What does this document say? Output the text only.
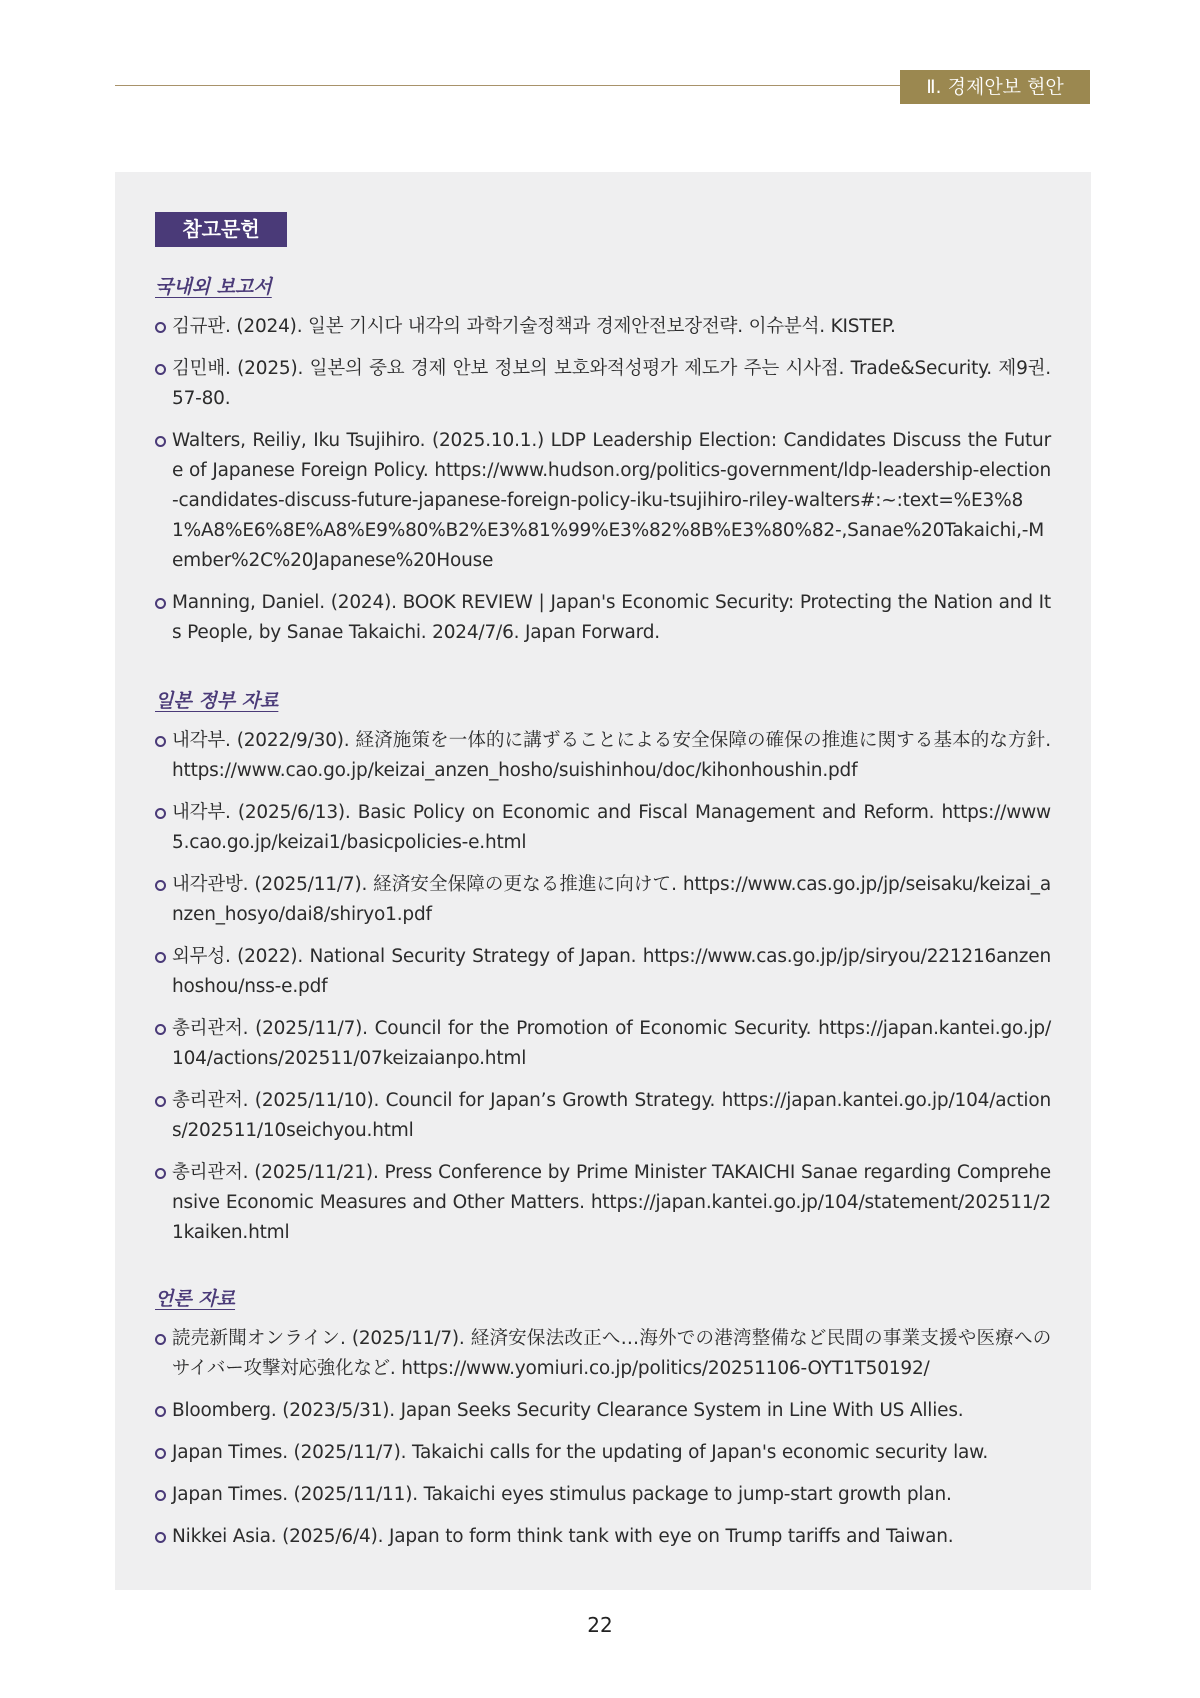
Ⅱ. 경제안보 현안
참고문헌
국내외 보고서
김규판. (2024). 일본 기시다 내각의 과학기술정책과 경제안전보장전략. 이슈분석. KISTEP.
김민배. (2025). 일본의 중요 경제 안보 정보의 보호와적성평가 제도가 주는 시사점. Trade&Security. 제9권. 57-80.
Walters, Reiliy, Iku Tsujihiro. (2025.10.1.) LDP Leadership Election: Candidates Discuss the Future of Japanese Foreign Policy. https://www.hudson.org/politics-government/ldp-leadership-election-candidates-discuss-future-japanese-foreign-policy-iku-tsujihiro-riley-walters#:~:text=%E3%81%A8%E6%8E%A8%E9%80%B2%E3%81%99%E3%82%8B%E3%80%82-,Sanae%20Takaichi,-Member%2C%20Japanese%20House
Manning, Daniel. (2024). BOOK REVIEW | Japan's Economic Security: Protecting the Nation and Its People, by Sanae Takaichi. 2024/7/6. Japan Forward.
일본 정부 자료
내각부. (2022/9/30). 経済施策を一体的に講ずることによる安全保障の確保の推進に関する基本的な方針. https://www.cao.go.jp/keizai_anzen_hosho/suishinhou/doc/kihonhoushin.pdf
내각부. (2025/6/13). Basic Policy on Economic and Fiscal Management and Reform. https://www5.cao.go.jp/keizai1/basicpolicies-e.html
내각관방. (2025/11/7). 経済安全保障の更なる推進に向けて. https://www.cas.go.jp/jp/seisaku/keizai_anzen_hosyo/dai8/shiryo1.pdf
외무성. (2022). National Security Strategy of Japan. https://www.cas.go.jp/jp/siryou/221216anzenhoshou/nss-e.pdf
총리관저. (2025/11/7). Council for the Promotion of Economic Security. https://japan.kantei.go.jp/104/actions/202511/07keizaianpo.html
총리관저. (2025/11/10). Council for Japan’s Growth Strategy. https://japan.kantei.go.jp/104/actions/202511/10seichyou.html
총리관저. (2025/11/21). Press Conference by Prime Minister TAKAICHI Sanae regarding Comprehensive Economic Measures and Other Matters. https://japan.kantei.go.jp/104/statement/202511/21kaiken.html
언론 자료
読売新聞オンライン. (2025/11/7). 経済安保法改正へ…海外での港湾整備など民間の事業支援や医療へのサイバー攻撃対応強化など. https://www.yomiuri.co.jp/politics/20251106-OYT1T50192/
Bloomberg. (2023/5/31). Japan Seeks Security Clearance System in Line With US Allies.
Japan Times. (2025/11/7). Takaichi calls for the updating of Japan's economic security law.
Japan Times. (2025/11/11). Takaichi eyes stimulus package to jump-start growth plan.
Nikkei Asia. (2025/6/4). Japan to form think tank with eye on Trump tariffs and Taiwan.
22
